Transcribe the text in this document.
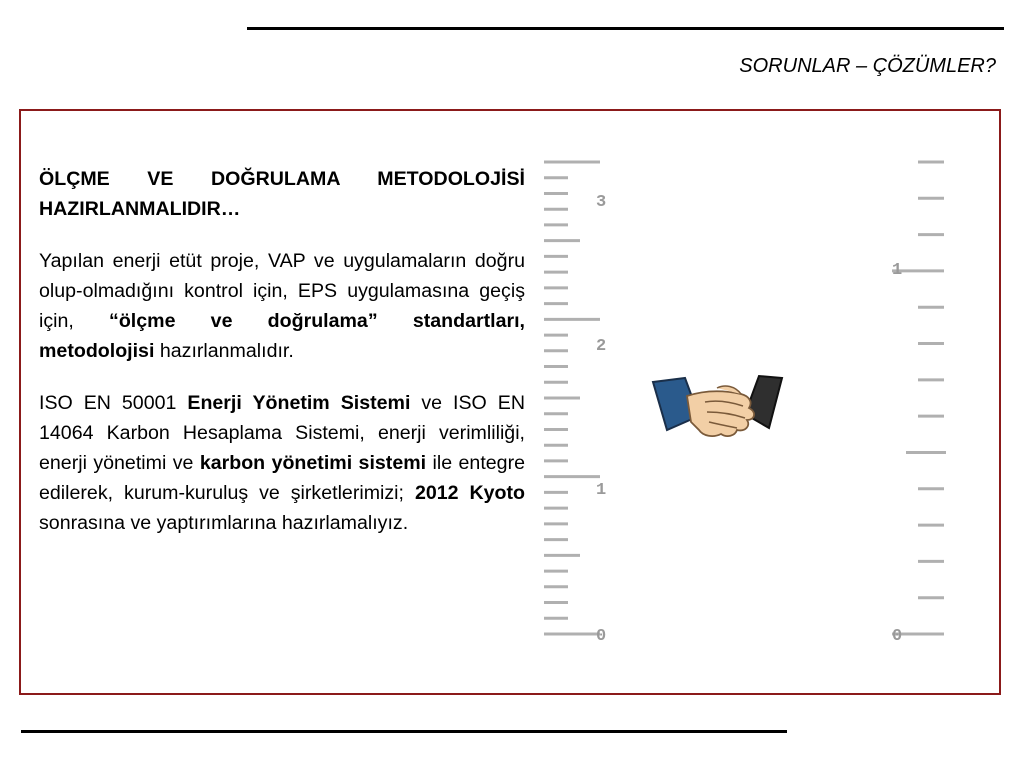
SORUNLAR – ÇÖZÜMLER?

ÖLÇME VE DOĞRULAMA METODOLOJİSİ HAZIRLANMALIDIR…

Yapılan enerji etüt proje, VAP ve uygulamaların doğru olup-olmadığını kontrol için, EPS uygulamasına geçiş için, “ölçme ve doğrulama” standartları, metodolojisi hazırlanmalıdır.

ISO EN 50001 Enerji Yönetim Sistemi ve ISO EN 14064 Karbon Hesaplama Sistemi, enerji verimliliği, enerji yönetimi ve karbon yönetimi sistemi ile entegre edilerek, kurum-kuruluş ve şirketlerimizi; 2012 Kyoto sonrasına ve yaptırımlarına hazırlamalıyız.

3
2
1
0
1
0
